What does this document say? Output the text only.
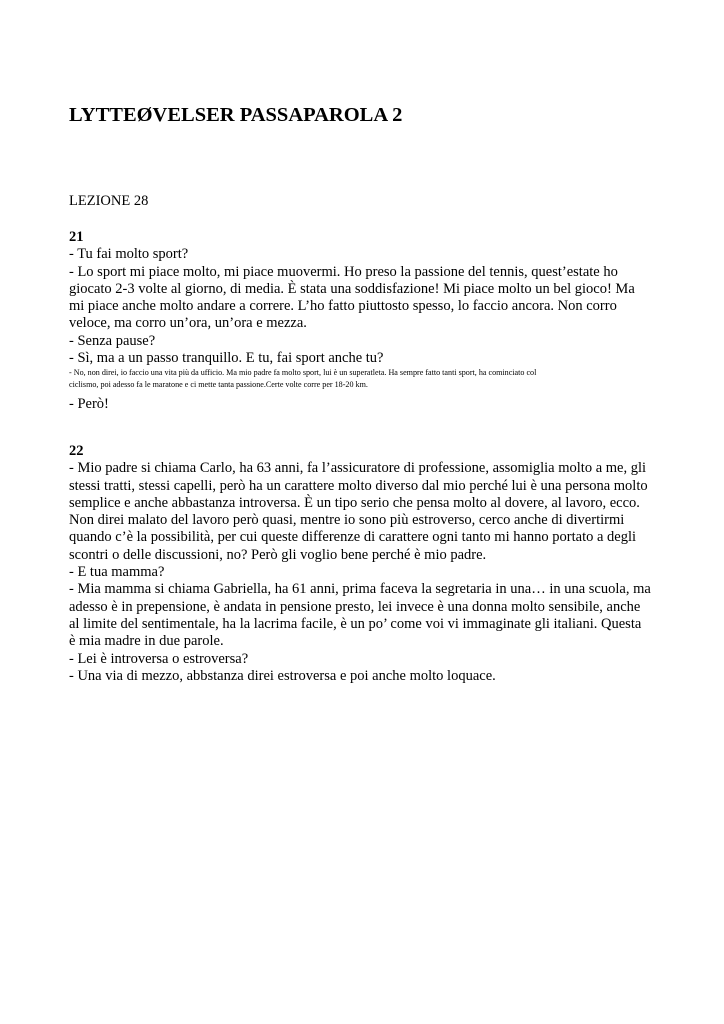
LYTTEØVELSER PASSAPAROLA 2

LEZIONE 28

21

- Tu fai molto sport?

- Lo sport mi piace molto, mi piace muovermi. Ho preso la passione del tennis, quest’estate ho

giocato 2-3 volte al giorno, di media. È stata una soddisfazione! Mi piace molto un bel gioco! Ma

mi piace anche molto andare a correre. L’ho fatto piuttosto spesso, lo faccio ancora. Non corro

veloce, ma corro un’ora, un’ora e mezza.

- Senza pause?

- Sì, ma a un passo tranquillo. E tu, fai sport anche tu?

- No, non direi, io faccio una vita più da ufficio. Ma mio padre fa molto sport, lui è un superatleta. Ha sempre fatto tanti sport, ha cominciato col

ciclismo, poi adesso fa le maratone e ci mette tanta passione.Certe volte corre per 18-20 km.

- Però!

22

- Mio padre si chiama Carlo, ha 63 anni, fa l’assicuratore di professione, assomiglia molto a me, gli

stessi tratti, stessi capelli, però ha un carattere molto diverso dal mio perché lui è una persona molto

semplice e anche abbastanza introversa. È un tipo serio che pensa molto al dovere, al lavoro, ecco.

Non direi malato del lavoro però quasi, mentre io sono più estroverso, cerco anche di divertirmi

quando c’è la possibilità, per cui queste differenze di carattere ogni tanto mi hanno portato a degli

scontri o delle discussioni, no? Però gli voglio bene perché è mio padre.

- E tua mamma?

- Mia mamma si chiama Gabriella, ha 61 anni, prima faceva la segretaria in una… in una scuola, ma

adesso è in prepensione, è andata in pensione presto, lei invece è una donna molto sensibile, anche

al limite del sentimentale, ha la lacrima facile, è un po’ come voi vi immaginate gli italiani. Questa

è mia madre in due parole.

- Lei è introversa o estroversa?

- Una via di mezzo, abbstanza direi estroversa e poi anche molto loquace.
